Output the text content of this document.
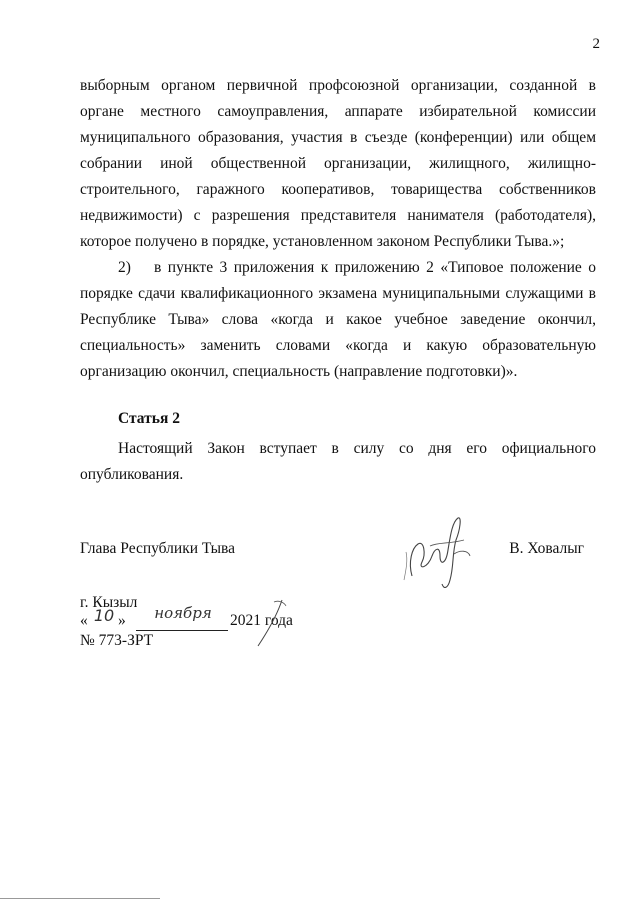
2

выборным органом первичной профсоюзной организации, созданной в органе местного самоуправления, аппарате избирательной комиссии муниципального образования, участия в съезде (конференции) или общем собрании иной общественной организации, жилищного, жилищно-строительного, гаражного кооперативов, товарищества собственников недвижимости) с разрешения представителя нанимателя (работодателя), которое получено в порядке, установленном законом Республики Тыва.»;

2) в пункте 3 приложения к приложению 2 «Типовое положение о порядке сдачи квалификационного экзамена муниципальными служащими в Республике Тыва» слова «когда и какое учебное заведение окончил, специальность» заменить словами «когда и какую образовательную организацию окончил, специальность (направление подготовки)».

Статья 2

Настоящий Закон вступает в силу со дня его официального опубликования.

Глава Республики Тыва	В. Ховалыг
г. Кызыл
« 10 »	ноября	2021 года
№ 773-ЗРТ
